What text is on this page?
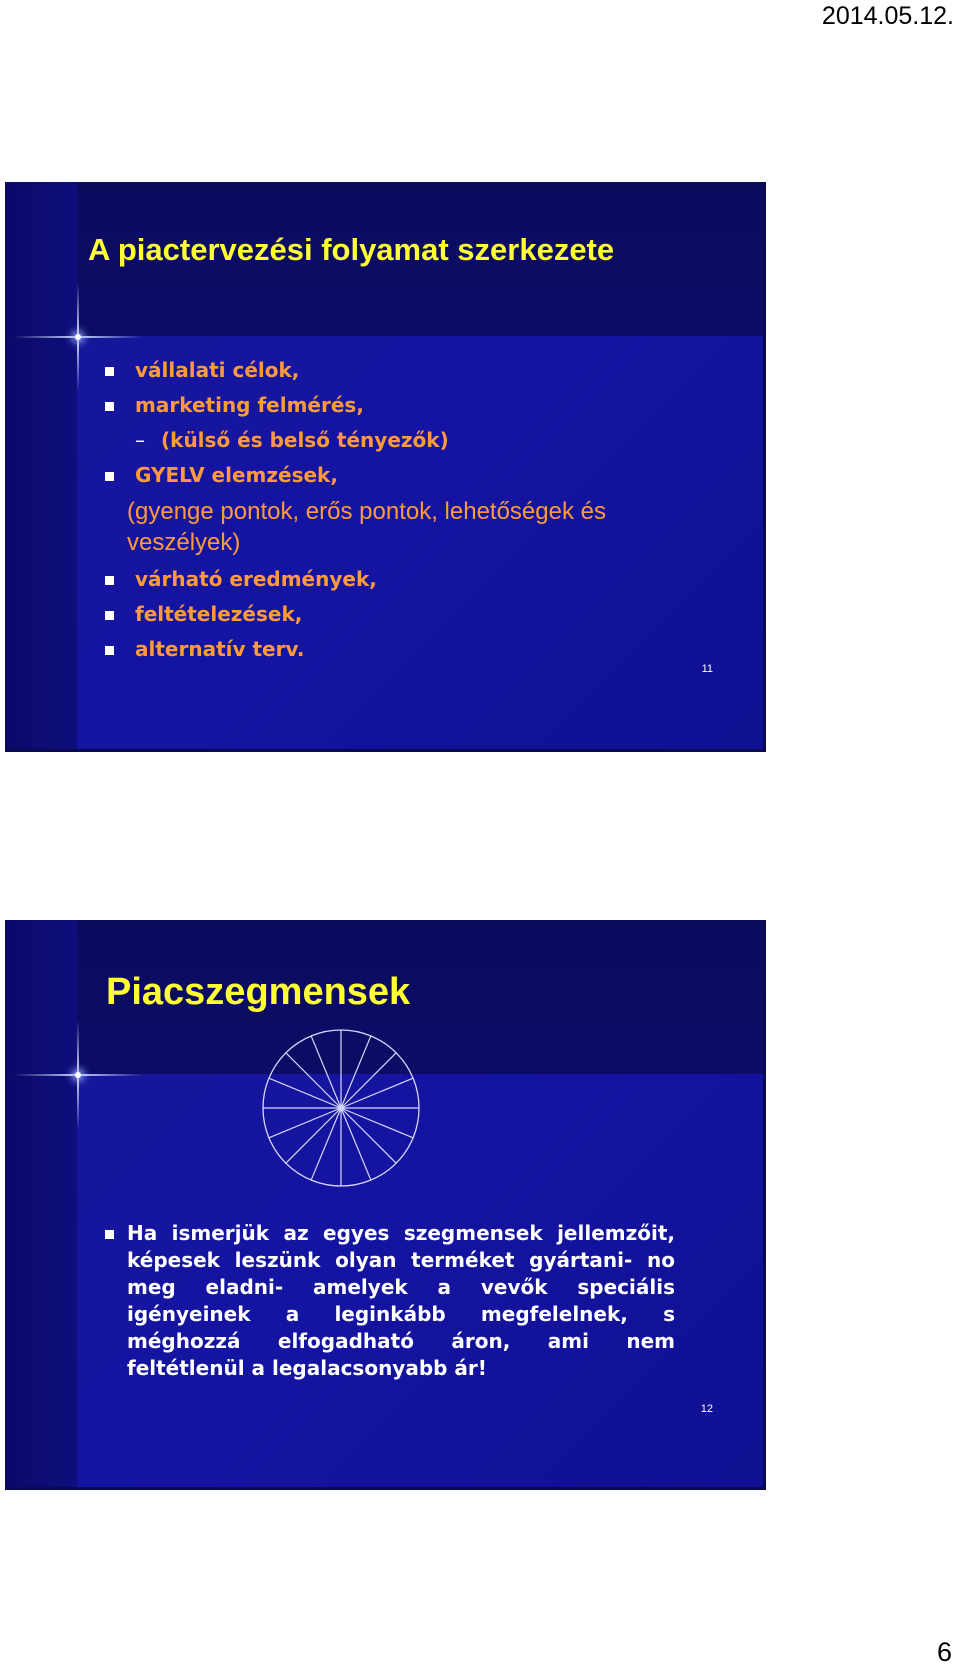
2014.05.12.
A piactervezési folyamat szerkezete
vállalati célok,
marketing felmérés,
– (külső és belső tényezők)
GYELV elemzések,
(gyenge pontok, erős pontok, lehetőségek és veszélyek)
várható eredmények,
feltételezések,
alternatív terv.
11
Piacszegmensek

Ha ismerjük az egyes szegmensek jellemzőit, képesek leszünk olyan terméket gyártani- no meg eladni- amelyek a vevők speciális igényeinek a leginkább megfelelnek, s méghozzá elfogadható áron, ami nem feltétlenül a legalacsonyabb ár!

12
6
